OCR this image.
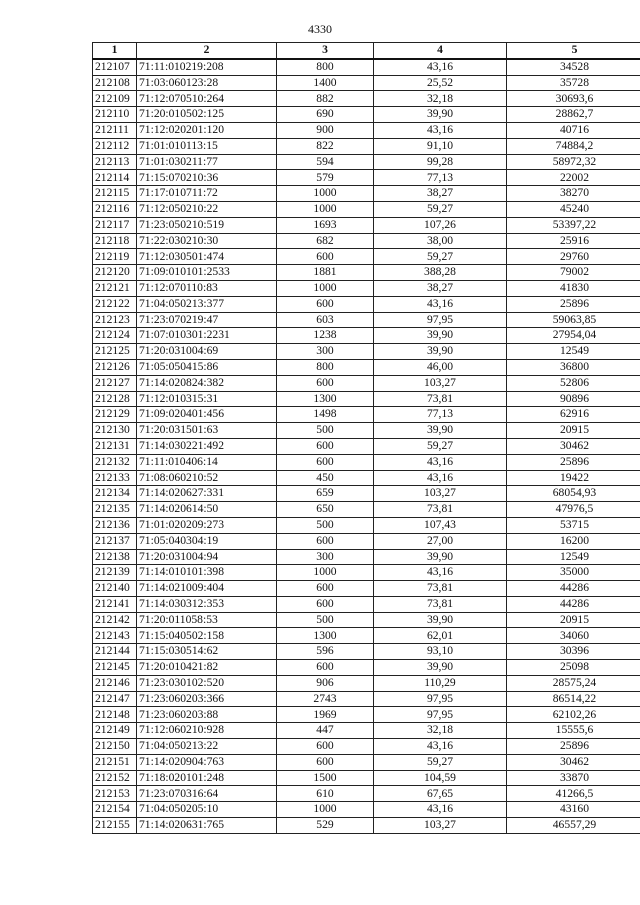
4330
1	2	3	4	5
212107	71:11:010219:208	800	43,16	34528
212108	71:03:060123:28	1400	25,52	35728
212109	71:12:070510:264	882	32,18	30693,6
212110	71:20:010502:125	690	39,90	28862,7
212111	71:12:020201:120	900	43,16	40716
212112	71:01:010113:15	822	91,10	74884,2
212113	71:01:030211:77	594	99,28	58972,32
212114	71:15:070210:36	579	77,13	22002
212115	71:17:010711:72	1000	38,27	38270
212116	71:12:050210:22	1000	59,27	45240
212117	71:23:050210:519	1693	107,26	53397,22
212118	71:22:030210:30	682	38,00	25916
212119	71:12:030501:474	600	59,27	29760
212120	71:09:010101:2533	1881	388,28	79002
212121	71:12:070110:83	1000	38,27	41830
212122	71:04:050213:377	600	43,16	25896
212123	71:23:070219:47	603	97,95	59063,85
212124	71:07:010301:2231	1238	39,90	27954,04
212125	71:20:031004:69	300	39,90	12549
212126	71:05:050415:86	800	46,00	36800
212127	71:14:020824:382	600	103,27	52806
212128	71:12:010315:31	1300	73,81	90896
212129	71:09:020401:456	1498	77,13	62916
212130	71:20:031501:63	500	39,90	20915
212131	71:14:030221:492	600	59,27	30462
212132	71:11:010406:14	600	43,16	25896
212133	71:08:060210:52	450	43,16	19422
212134	71:14:020627:331	659	103,27	68054,93
212135	71:14:020614:50	650	73,81	47976,5
212136	71:01:020209:273	500	107,43	53715
212137	71:05:040304:19	600	27,00	16200
212138	71:20:031004:94	300	39,90	12549
212139	71:14:010101:398	1000	43,16	35000
212140	71:14:021009:404	600	73,81	44286
212141	71:14:030312:353	600	73,81	44286
212142	71:20:011058:53	500	39,90	20915
212143	71:15:040502:158	1300	62,01	34060
212144	71:15:030514:62	596	93,10	30396
212145	71:20:010421:82	600	39,90	25098
212146	71:23:030102:520	906	110,29	28575,24
212147	71:23:060203:366	2743	97,95	86514,22
212148	71:23:060203:88	1969	97,95	62102,26
212149	71:12:060210:928	447	32,18	15555,6
212150	71:04:050213:22	600	43,16	25896
212151	71:14:020904:763	600	59,27	30462
212152	71:18:020101:248	1500	104,59	33870
212153	71:23:070316:64	610	67,65	41266,5
212154	71:04:050205:10	1000	43,16	43160
212155	71:14:020631:765	529	103,27	46557,29
